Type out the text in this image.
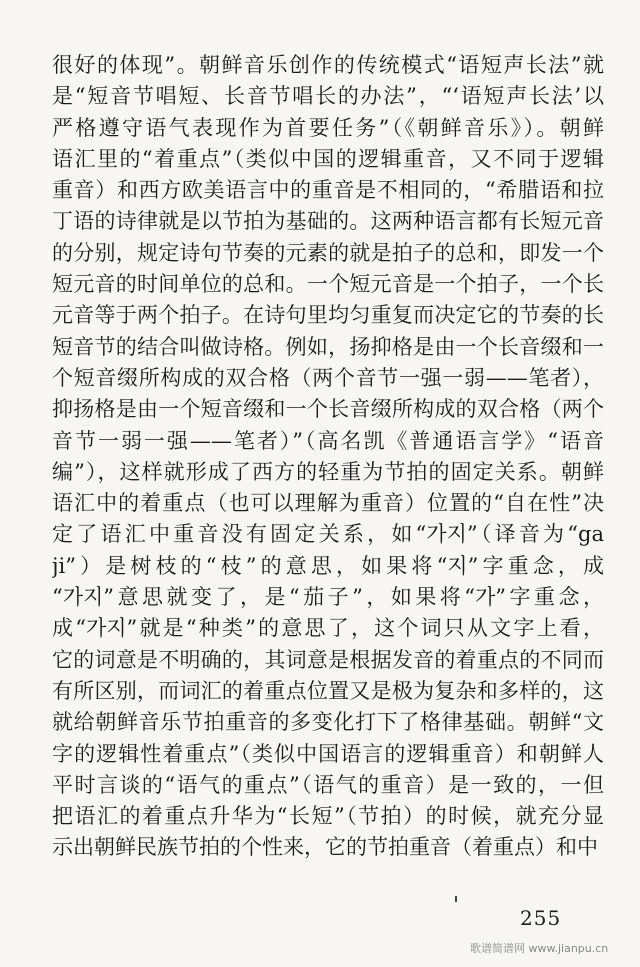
很好的体现”。朝鲜音乐创作的传统模式“语短声长法”就
是“短音节唱短、长音节唱长的办法”，“‘语短声长法’以
严格遵守语气表现作为首要任务”（《朝鲜音乐》）。朝鲜
语汇里的“着重点”（类似中国的逻辑重音，又不同于逻辑
重音）和西方欧美语言中的重音是不相同的，“希腊语和拉
丁语的诗律就是以节拍为基础的。这两种语言都有长短元音
的分别，规定诗句节奏的元素的就是拍子的总和，即发一个
短元音的时间单位的总和。一个短元音是一个拍子，一个长
元音等于两个拍子。在诗句里均匀重复而决定它的节奏的长
短音节的结合叫做诗格。例如，扬抑格是由一个长音缀和一
个短音缀所构成的双合格（两个音节一强一弱——笔者），
抑扬格是由一个短音缀和一个长音缀所构成的双合格（两个
音节一弱一强——笔者）”（高名凯《普通语言学》“语音
编”），这样就形成了西方的轻重为节拍的固定关系。朝鲜
语汇中的着重点（也可以理解为重音）位置的“自在性”决
定了语汇中重音没有固定关系，如“가지”（译音为“ga
ji”）是树枝的“枝”的意思，如果将“지”字重念，成
“가지”意思就变了，是“茄子”，如果将“가”字重念，
成“가지”就是“种类”的意思了，这个词只从文字上看，
它的词意是不明确的，其词意是根据发音的着重点的不同而
有所区别，而词汇的着重点位置又是极为复杂和多样的，这
就给朝鲜音乐节拍重音的多变化打下了格律基础。朝鲜“文
字的逻辑性着重点”（类似中国语言的逻辑重音）和朝鲜人
平时言谈的“语气的重点”（语气的重音）是一致的，一但
把语汇的着重点升华为“长短”（节拍）的时候，就充分显
示出朝鲜民族节拍的个性来，它的节拍重音（着重点）和中
255
歌谱简谱网 www.jianpu.cn
